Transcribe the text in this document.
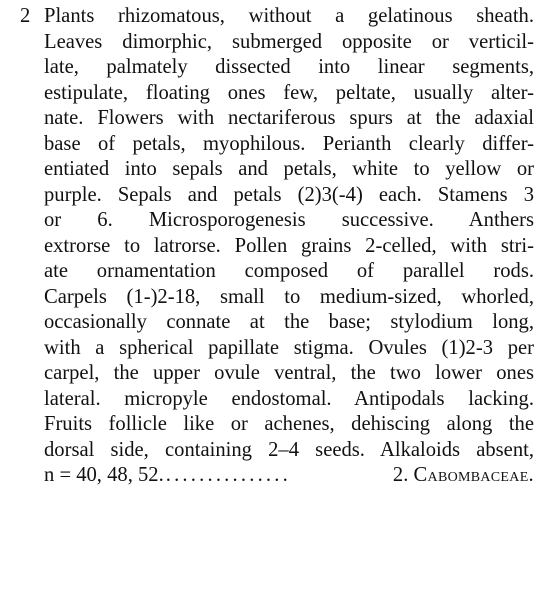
2 Plants rhizomatous, without a gelatinous sheath.
Leaves dimorphic, submerged opposite or verticil-
late, palmately dissected into linear segments,
estipulate, floating ones few, peltate, usually alter-
nate. Flowers with nectariferous spurs at the adaxial
base of petals, myophilous. Perianth clearly differ-
entiated into sepals and petals, white to yellow or
purple. Sepals and petals (2)3(-4) each. Stamens 3
or 6. Microsporogenesis successive. Anthers
extrorse to latrorse. Pollen grains 2-celled, with stri-
ate ornamentation composed of parallel rods.
Carpels (1-)2-18, small to medium-sized, whorled,
occasionally connate at the base; stylodium long,
with a spherical papillate stigma. Ovules (1)2-3 per
carpel, the upper ovule ventral, the two lower ones
lateral. micropyle endostomal. Antipodals lacking.
Fruits follicle like or achenes, dehiscing along the
dorsal side, containing 2–4 seeds. Alkaloids absent,
n = 40, 48, 52. ...............	2.
Cabombaceae.
